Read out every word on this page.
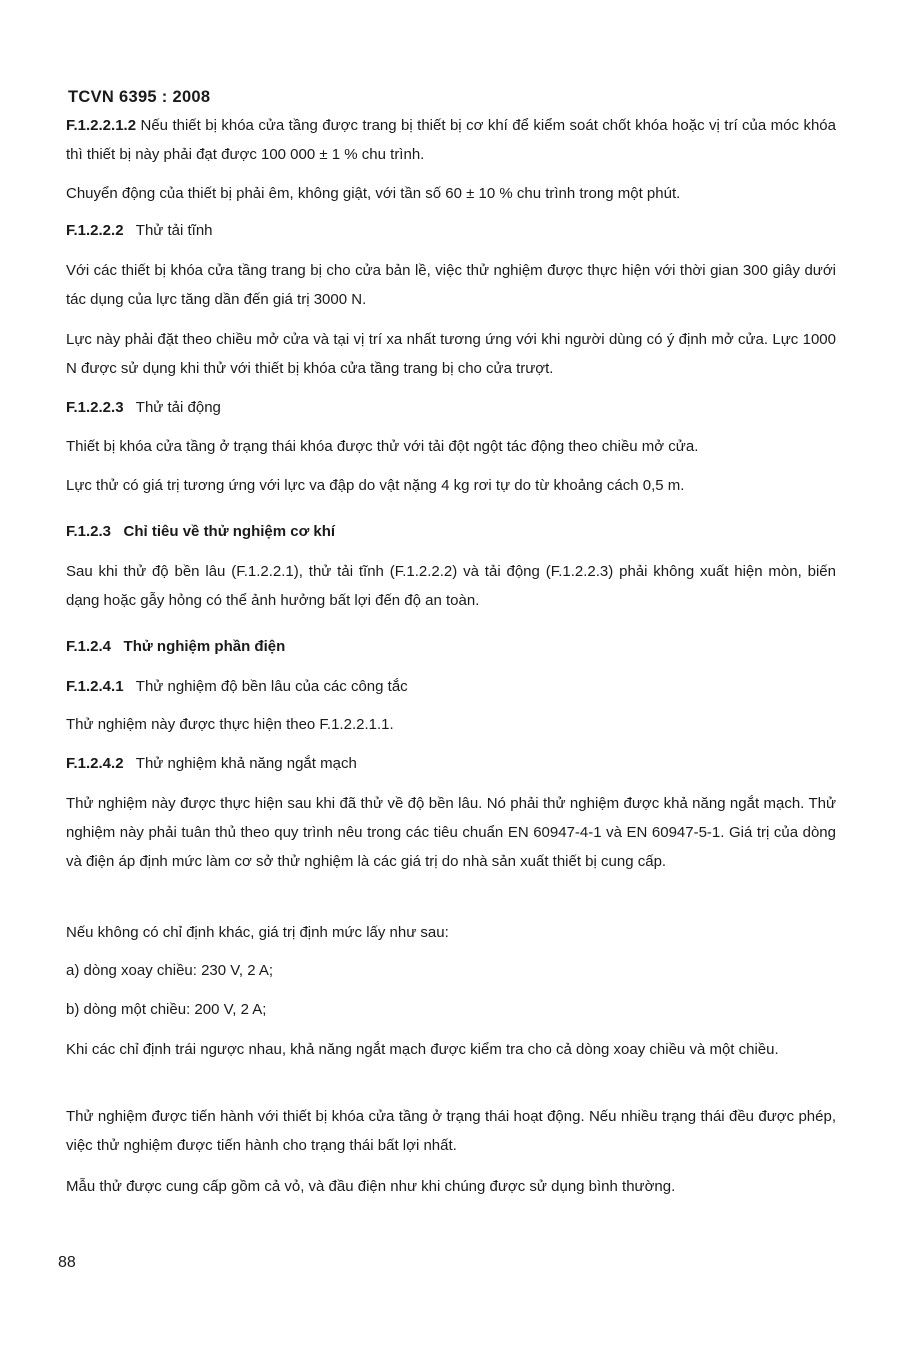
TCVN 6395 : 2008
F.1.2.2.1.2 Nếu thiết bị khóa cửa tầng được trang bị thiết bị cơ khí để kiểm soát chốt khóa hoặc vị trí của móc khóa thì thiết bị này phải đạt được 100 000 ± 1 % chu trình.
Chuyển động của thiết bị phải êm, không giật, với tần số 60 ± 10 % chu trình trong một phút.
F.1.2.2.2 Thử tải tĩnh
Với các thiết bị khóa cửa tầng trang bị cho cửa bản lề, việc thử nghiệm được thực hiện với thời gian 300 giây dưới tác dụng của lực tăng dần đến giá trị 3000 N.
Lực này phải đặt theo chiều mở cửa và tại vị trí xa nhất tương ứng với khi người dùng có ý định mở cửa. Lực 1000 N được sử dụng khi thử với thiết bị khóa cửa tầng trang bị cho cửa trượt.
F.1.2.2.3 Thử tải động
Thiết bị khóa cửa tầng ở trạng thái khóa được thử với tải đột ngột tác động theo chiều mở cửa.
Lực thử có giá trị tương ứng với lực va đập do vật nặng 4 kg rơi tự do từ khoảng cách 0,5 m.
F.1.2.3 Chỉ tiêu về thử nghiệm cơ khí
Sau khi thử độ bền lâu (F.1.2.2.1), thử tải tĩnh (F.1.2.2.2) và tải động (F.1.2.2.3) phải không xuất hiện mòn, biến dạng hoặc gẫy hỏng có thể ảnh hưởng bất lợi đến độ an toàn.
F.1.2.4 Thử nghiệm phần điện
F.1.2.4.1 Thử nghiệm độ bền lâu của các công tắc
Thử nghiệm này được thực hiện theo F.1.2.2.1.1.
F.1.2.4.2 Thử nghiệm khả năng ngắt mạch
Thử nghiệm này được thực hiện sau khi đã thử về độ bền lâu. Nó phải thử nghiệm được khả năng ngắt mạch. Thử nghiệm này phải tuân thủ theo quy trình nêu trong các tiêu chuẩn EN 60947-4-1 và EN 60947-5-1. Giá trị của dòng và điện áp định mức làm cơ sở thử nghiệm là các giá trị do nhà sản xuất thiết bị cung cấp.
Nếu không có chỉ định khác, giá trị định mức lấy như sau:
a) dòng xoay chiều: 230 V, 2 A;
b) dòng một chiều: 200 V, 2 A;
Khi các chỉ định trái ngược nhau, khả năng ngắt mạch được kiểm tra cho cả dòng xoay chiều và một chiều.
Thử nghiệm được tiến hành với thiết bị khóa cửa tầng ở trạng thái hoạt động. Nếu nhiều trạng thái đều được phép, việc thử nghiệm được tiến hành cho trạng thái bất lợi nhất.
Mẫu thử được cung cấp gồm cả vỏ, và đầu điện như khi chúng được sử dụng bình thường.
88
